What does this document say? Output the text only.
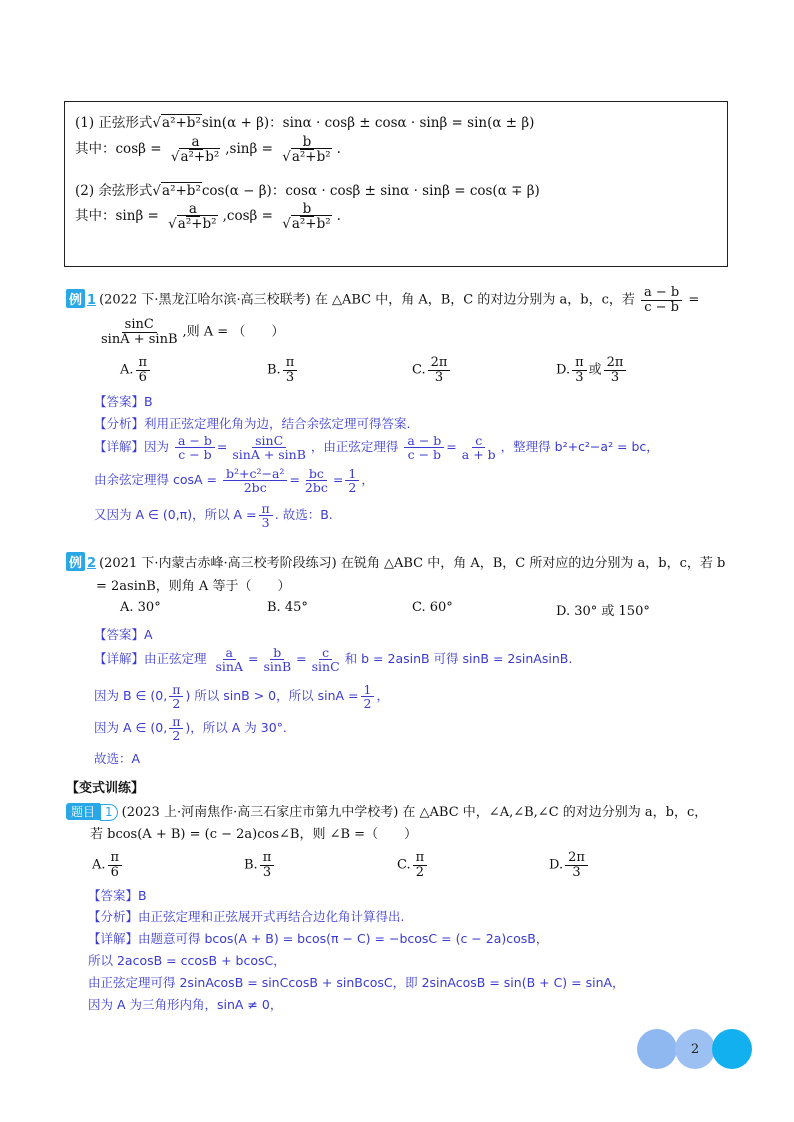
(1) 正弦形式√a²+b²sin(α + β)：sinα · cosβ ± cosα · sinβ = sin(α ± β)
其中：$\cos\beta = \frac{a}{\text{√a²+b²}} ,\sin\beta = \frac{b}{\text{√a²+b²}}$ .
(2) 余弦形式√a²+b²cos(α − β)：cosα · cosβ ± sinα · sinβ = cos(α ∓ β)
其中：$\sin\beta = \frac{a}{\text{√a²+b²}} ,\cos\beta = \frac{b}{\text{√a²+b²}}$ .
例 1 (2022 下·黑龙江哈尔滨·高三校联考) 在 △ABC 中，角 A，B，C 的对边分别为 a，b，c，若 $\frac{a - b}{c - b}$ =
$\frac{\sin C}{\sin A + \sin B}$ ,则 A = （　　）
A. $\frac{\pi}{6}$	B. $\frac{\pi}{3}$	C. $\frac{2\pi}{3}$	D. $\frac{\pi}{3}$ 或 $\frac{2\pi}{3}$
【答案】B
【分析】利用正弦定理化角为边，结合余弦定理可得答案.
【详解】因为 $\frac{a - b}{c - b} = \frac{\sin C}{\sin A + \sin B}$ ，由正弦定理得 $\frac{a - b}{c - b} = \frac{c}{a + b}$ ，整理得 b²+c²−a² = bc，
由余弦定理得 $\cos A = \frac{\text{b²+c²−a²}}{2bc} = \frac{bc}{2bc} = \frac{1}{2}$ ，
又因为 A ∈ (0,π)，所以 $A = \frac{\pi}{3}$ . 故选：B.
例 2 (2021 下·内蒙古赤峰·高三校考阶段练习) 在锐角 △ABC 中，角 A，B，C 所对应的边分别为 a，b，c，若 b
= 2asinB，则角 A 等于（　　）
A. 30°	B. 45°	C. 60°	D. 30° 或 150°
【答案】A
【详解】由正弦定理 $\frac{a}{\sin A} = \frac{b}{\sin B} = \frac{c}{\sin C}$ 和 b = 2asinB 可得 sinB = 2sinAsinB.
因为 B ∈ (0, $\frac{\pi}{2}$ ) 所以 sinB > 0，所以 $\sin A = \frac{1}{2}$ ，
因为 A ∈ (0, $\frac{\pi}{2}$ )，所以 A 为 30°.
故选：A
【变式训练】
题目 1 (2023 上·河南焦作·高三石家庄市第九中学校考) 在 △ABC 中，∠A,∠B,∠C 的对边分别为 a，b，c，
若 bcos(A + B) = (c − 2a)cos∠B，则 ∠B =（　　）
A. $\frac{\pi}{6}$	B. $\frac{\pi}{3}$	C. $\frac{\pi}{2}$	D. $\frac{2\pi}{3}$
【答案】B
【分析】由正弦定理和正弦展开式再结合边化角计算得出.
【详解】由题意可得 bcos(A + B) = bcos(π − C) = −bcosC = (c − 2a)cosB，
所以 2acosB = ccosB + bcosC，
由正弦定理可得 2sinAcosB = sinCcosB + sinBcosC，即 2sinAcosB = sin(B + C) = sinA，
因为 A 为三角形内角，sinA ≠ 0，
2
